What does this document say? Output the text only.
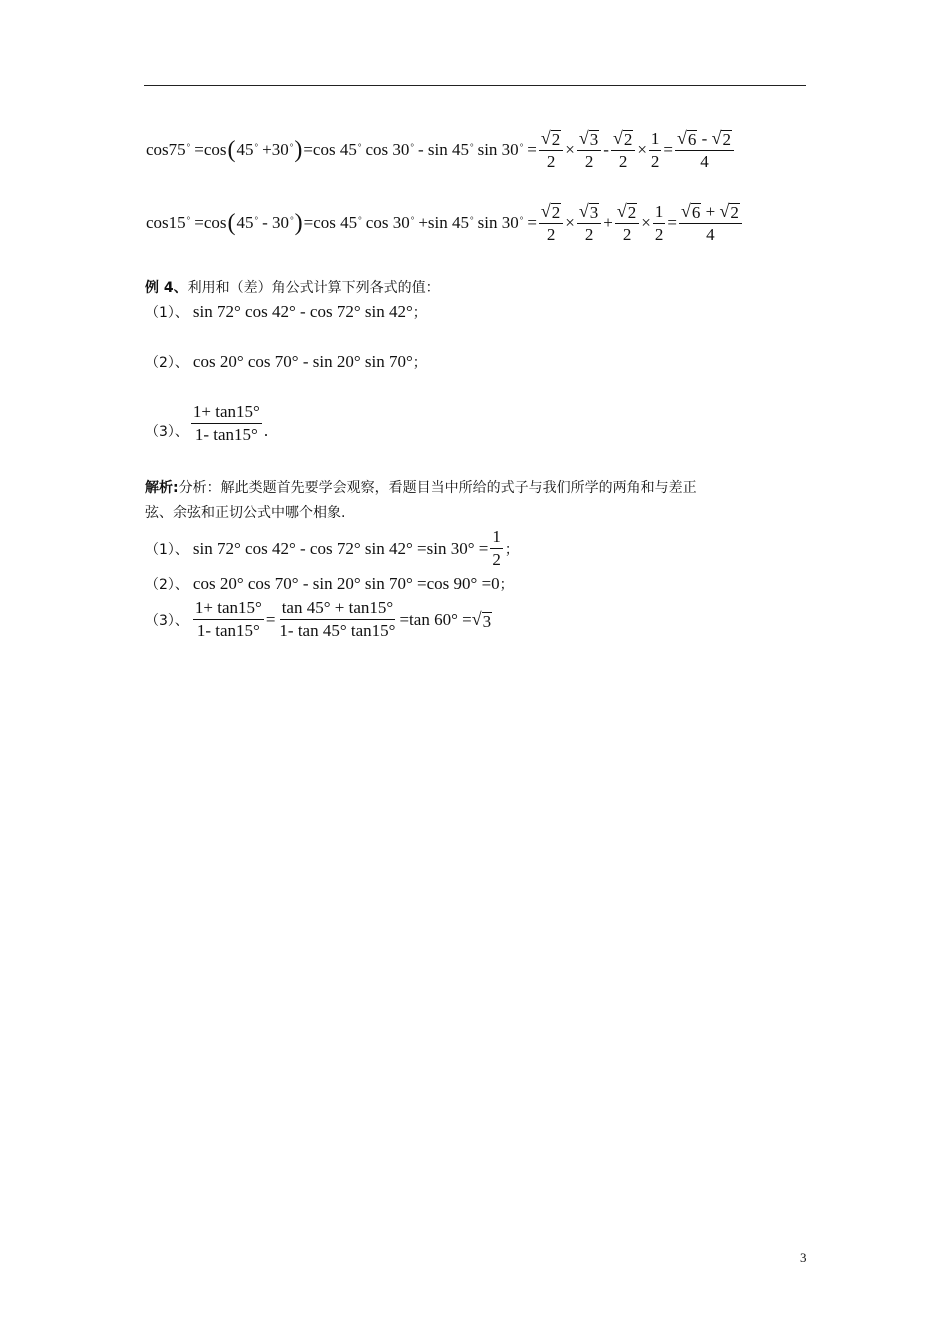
cos75° =cos ( 45° +30° ) =cos 45° cos 30° - sin 45° $\sin 30^\circ = \frac{√ 2}{2} \times \frac{√ 3}{2} - \frac{√ 2}{2} \times \frac{1}{2} = \frac{√ 6 - √ 2}{4}$
cos15° =cos ( 45° - 30° ) =cos 45° cos 30° +sin 45° $\sin 30^\circ = \frac{√ 2}{2} \times \frac{√ 3}{2} + \frac{√ 2}{2} \times \frac{1}{2} = \frac{√ 6 + √ 2}{4}$
例 4、利用和（差）角公式计算下列各式的值：
（1）、 sin 72° cos 42° - cos 72° sin 42° ；
（2）、 cos 20° cos 70° - sin 20° sin 70° ；
（3）、 $\frac{1+ \tan 15^\circ}{1- \tan 15^\circ}$ .
解析:分析：解此类题首先要学会观察，看题目当中所给的式子与我们所学的两角和与差正
弦、余弦和正切公式中哪个相象.
（1）、 sin 72° cos 42° - cos 72° sin 42° =sin $30^\circ = \frac{1}{2}$ ；
（2）、 cos 20° cos 70° - sin 20° sin 70° =cos 90° =0 ；
（3）、 $\frac{1+ \tan 15^\circ}{1- \tan 15^\circ} = \frac{\tan 45^\circ + \tan 15^\circ}{1- \tan 45^\circ \tan 15^\circ} =\tan$ 60° = √ 3
3
